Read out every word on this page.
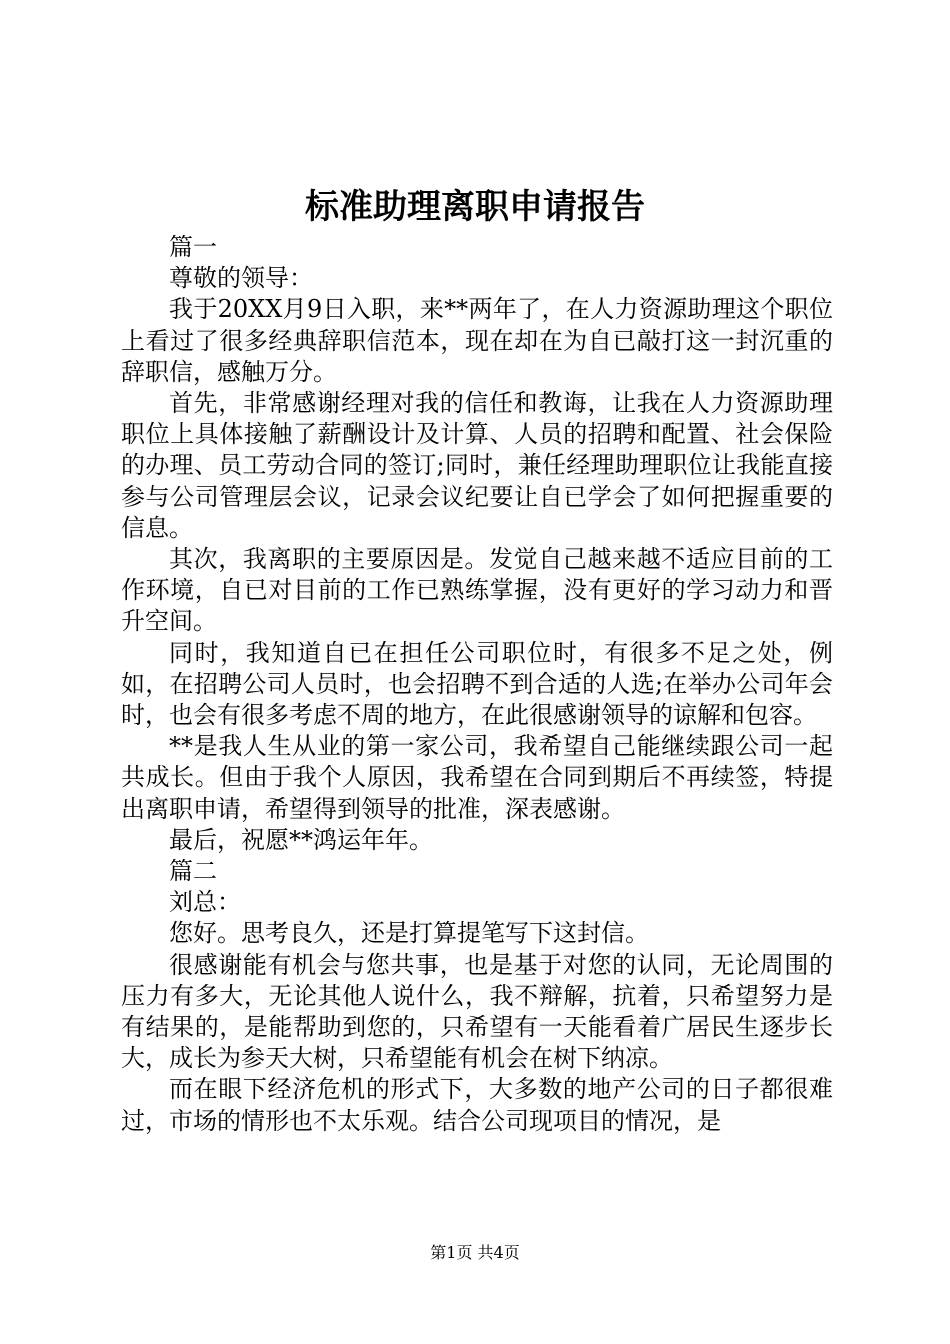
标准助理离职申请报告

篇一

尊敬的领导：

我于20XX月9日入职，来**两年了，在人力资源助理这个职位上看过了很多经典辞职信范本，现在却在为自已敲打这一封沉重的辞职信，感触万分。

首先，非常感谢经理对我的信任和教诲，让我在人力资源助理职位上具体接触了薪酬设计及计算、人员的招聘和配置、社会保险的办理、员工劳动合同的签订;同时，兼任经理助理职位让我能直接参与公司管理层会议，记录会议纪要让自已学会了如何把握重要的信息。

其次，我离职的主要原因是。发觉自己越来越不适应目前的工作环境，自已对目前的工作已熟练掌握，没有更好的学习动力和晋升空间。

同时，我知道自已在担任公司职位时，有很多不足之处，例如，在招聘公司人员时，也会招聘不到合适的人选;在举办公司年会时，也会有很多考虑不周的地方，在此很感谢领导的谅解和包容。

**是我人生从业的第一家公司，我希望自己能继续跟公司一起共成长。但由于我个人原因，我希望在合同到期后不再续签，特提出离职申请，希望得到领导的批准，深表感谢。

最后，祝愿**鸿运年年。

篇二

刘总：

您好。思考良久，还是打算提笔写下这封信。

很感谢能有机会与您共事，也是基于对您的认同，无论周围的压力有多大，无论其他人说什么，我不辩解，抗着，只希望努力是有结果的，是能帮助到您的，只希望有一天能看着广居民生逐步长大，成长为参天大树，只希望能有机会在树下纳凉。

而在眼下经济危机的形式下，大多数的地产公司的日子都很难过，市场的情形也不太乐观。结合公司现项目的情况，是

第1页 共4页
